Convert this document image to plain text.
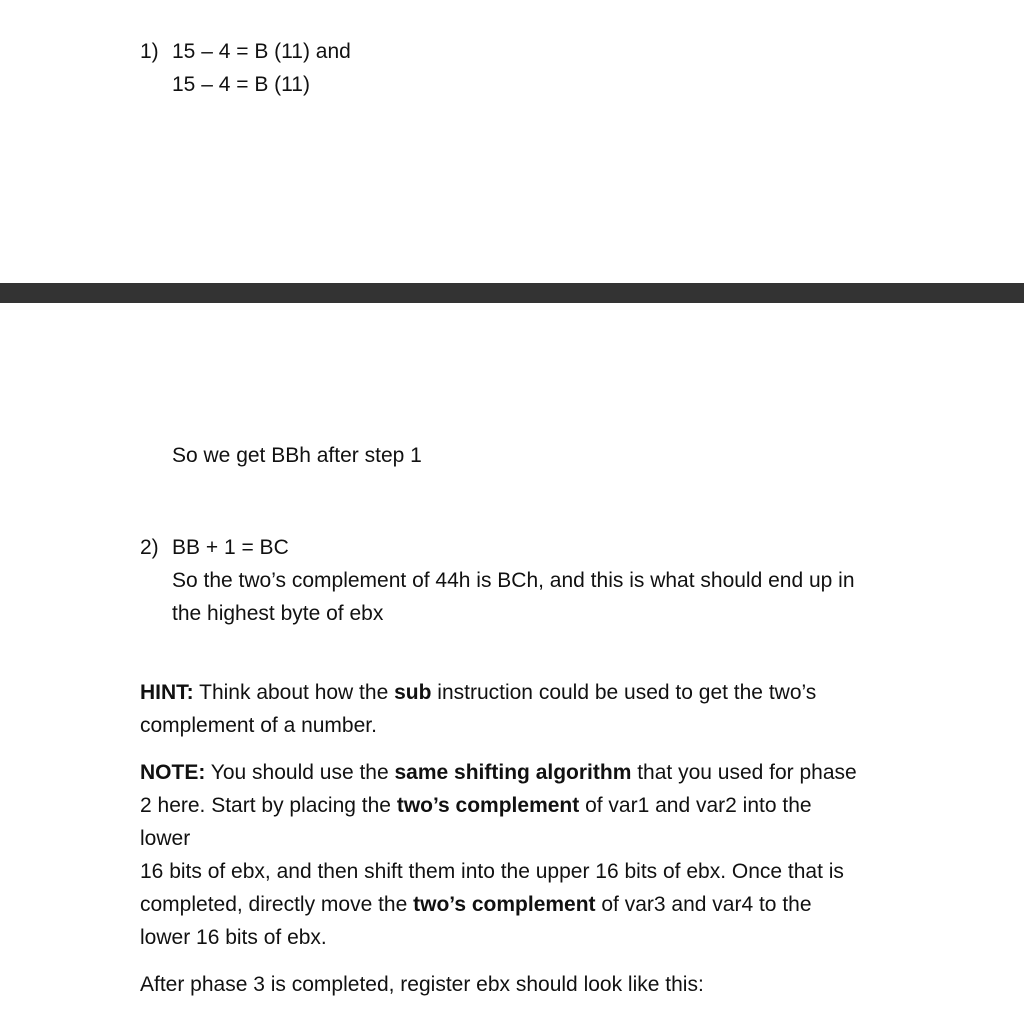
1) 15 – 4 = B (11) and
15 – 4 = B (11)
So we get BBh after step 1
2) BB + 1 = BC
So the two’s complement of 44h is BCh, and this is what should end up in
the highest byte of ebx
HINT: Think about how the sub instruction could be used to get the two’s
complement of a number.
NOTE: You should use the same shifting algorithm that you used for phase
2 here. Start by placing the two’s complement of var1 and var2 into the
lower
16 bits of ebx, and then shift them into the upper 16 bits of ebx. Once that is
completed, directly move the two’s complement of var3 and var4 to the
lower 16 bits of ebx.
After phase 3 is completed, register ebx should look like this:
